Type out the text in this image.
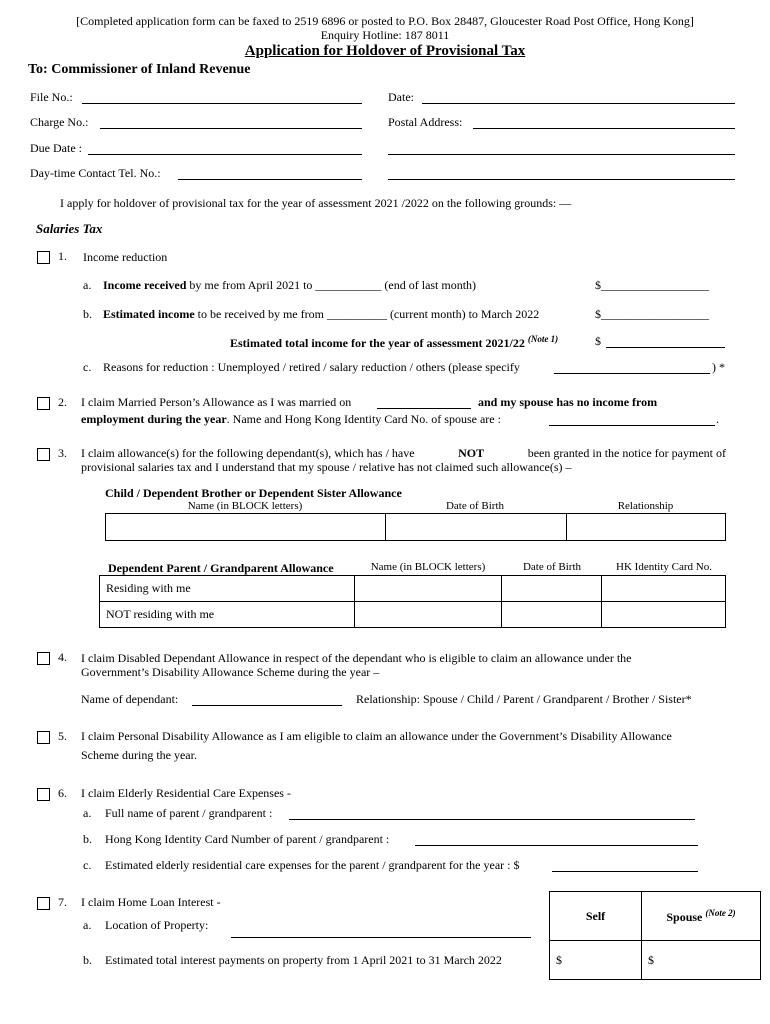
[Completed application form can be faxed to 2519 6896 or posted to P.O. Box 28487, Gloucester Road Post Office, Hong Kong]
Enquiry Hotline: 187 8011
Application for Holdover of Provisional Tax
To: Commissioner of Inland Revenue
File No.:	Date:
Charge No.:	Postal Address:
Due Date :
Day-time Contact Tel. No.:
I apply for holdover of provisional tax for the year of assessment 2021 /2022 on the following grounds: —
Salaries Tax
1. Income reduction
a. Income received by me from April 2021 to ___________ (end of last month)	$__________________
b. Estimated income to be received by me from __________ (current month) to March 2022	$__________________
Estimated total income for the year of assessment 2021/22 $^{(Note 1)}$	$
c. Reasons for reduction : Unemployed / retired / salary reduction / others (please specify	) *
2. I claim Married Person’s Allowance as I was married on	and my spouse has no income from
employment during the year. Name and Hong Kong Identity Card No. of spouse are :	.
3. I claim allowance(s) for the following dependant(s), which has / have	NOT	been granted in the notice for payment of
provisional salaries tax and I understand that my spouse / relative has not claimed such allowance(s) –
Child / Dependent Brother or Dependent Sister Allowance
Name (in BLOCK letters)	Date of Birth	Relationship

Dependent Parent / Grandparent Allowance	Name (in BLOCK letters)	Date of Birth	HK Identity Card No.
Residing with me			
NOT residing with me			
4. I claim Disabled Dependant Allowance in respect of the dependant who is eligible to claim an allowance under the
Government’s Disability Allowance Scheme during the year –
Name of dependant:	Relationship: Spouse / Child / Parent / Grandparent / Brother / Sister*
5. I claim Personal Disability Allowance as I am eligible to claim an allowance under the Government’s Disability Allowance
Scheme during the year.
6. I claim Elderly Residential Care Expenses -
a. Full name of parent / grandparent :
b. Hong Kong Identity Card Number of parent / grandparent :
c. Estimated elderly residential care expenses for the parent / grandparent for the year : $
7. I claim Home Loan Interest -
a. Location of Property:
b. Estimated total interest payments on property from 1 April 2021 to 31 March 2022
Self	Spouse $^{(Note 2)}$
$	$
